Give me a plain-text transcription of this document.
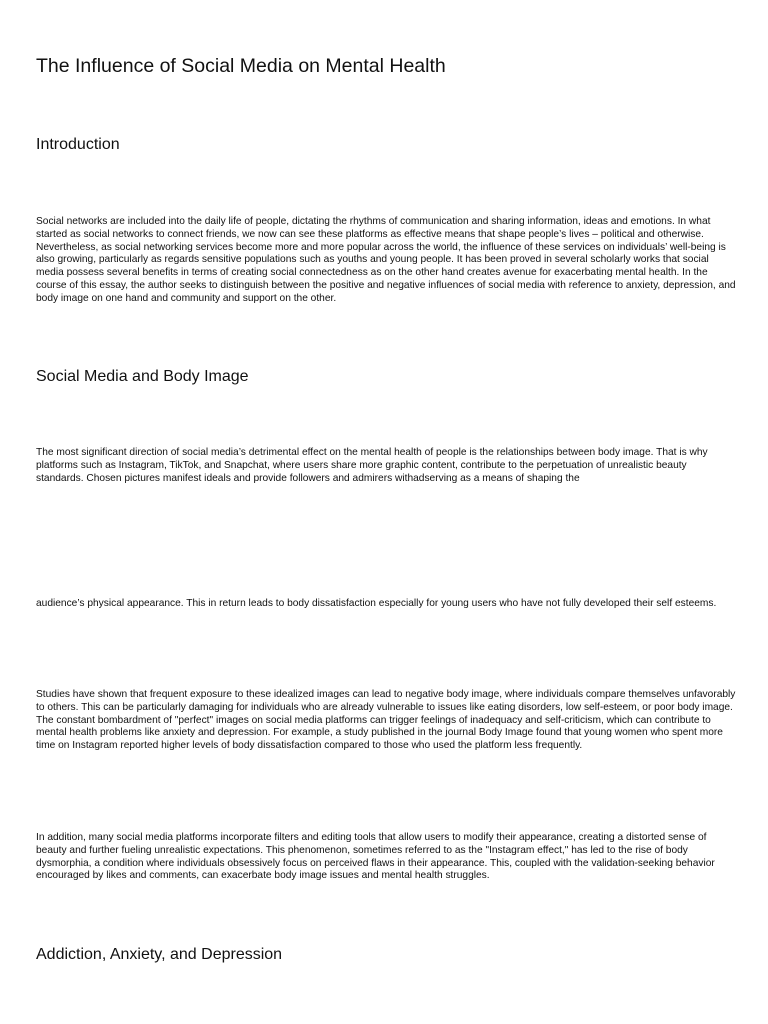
The Influence of Social Media on Mental Health
Introduction

Social networks are included into the daily life of people, dictating the rhythms of communication and sharing information, ideas and emotions. In what started as social networks to connect friends, we now can see these platforms as effective means that shape people’s lives – political and otherwise. Nevertheless, as social networking services become more and more popular across the world, the influence of these services on individuals’ well-being is also growing, particularly as regards sensitive populations such as youths and young people. It has been proved in several scholarly works that social media possess several benefits in terms of creating social connectedness as on the other hand creates avenue for exacerbating mental health. In the course of this essay, the author seeks to distinguish between the positive and negative influences of social media with reference to anxiety, depression, and body image on one hand and community and support on the other.

Social Media and Body Image

The most significant direction of social media’s detrimental effect on the mental health of people is the relationships between body image. That is why platforms such as Instagram, TikTok, and Snapchat, where users share more graphic content, contribute to the perpetuation of unrealistic beauty standards. Chosen pictures manifest ideals and provide followers and admirers withadserving as a means of shaping the

audience’s physical appearance. This in return leads to body dissatisfaction especially for young users who have not fully developed their self esteems.

Studies have shown that frequent exposure to these idealized images can lead to negative body image, where individuals compare themselves unfavorably to others. This can be particularly damaging for individuals who are already vulnerable to issues like eating disorders, low self-esteem, or poor body image. The constant bombardment of "perfect" images on social media platforms can trigger feelings of inadequacy and self-criticism, which can contribute to mental health problems like anxiety and depression. For example, a study published in the journal Body Image found that young women who spent more time on Instagram reported higher levels of body dissatisfaction compared to those who used the platform less frequently.

In addition, many social media platforms incorporate filters and editing tools that allow users to modify their appearance, creating a distorted sense of beauty and further fueling unrealistic expectations. This phenomenon, sometimes referred to as the "Instagram effect," has led to the rise of body dysmorphia, a condition where individuals obsessively focus on perceived flaws in their appearance. This, coupled with the validation-seeking behavior encouraged by likes and comments, can exacerbate body image issues and mental health struggles.

Addiction, Anxiety, and Depression
